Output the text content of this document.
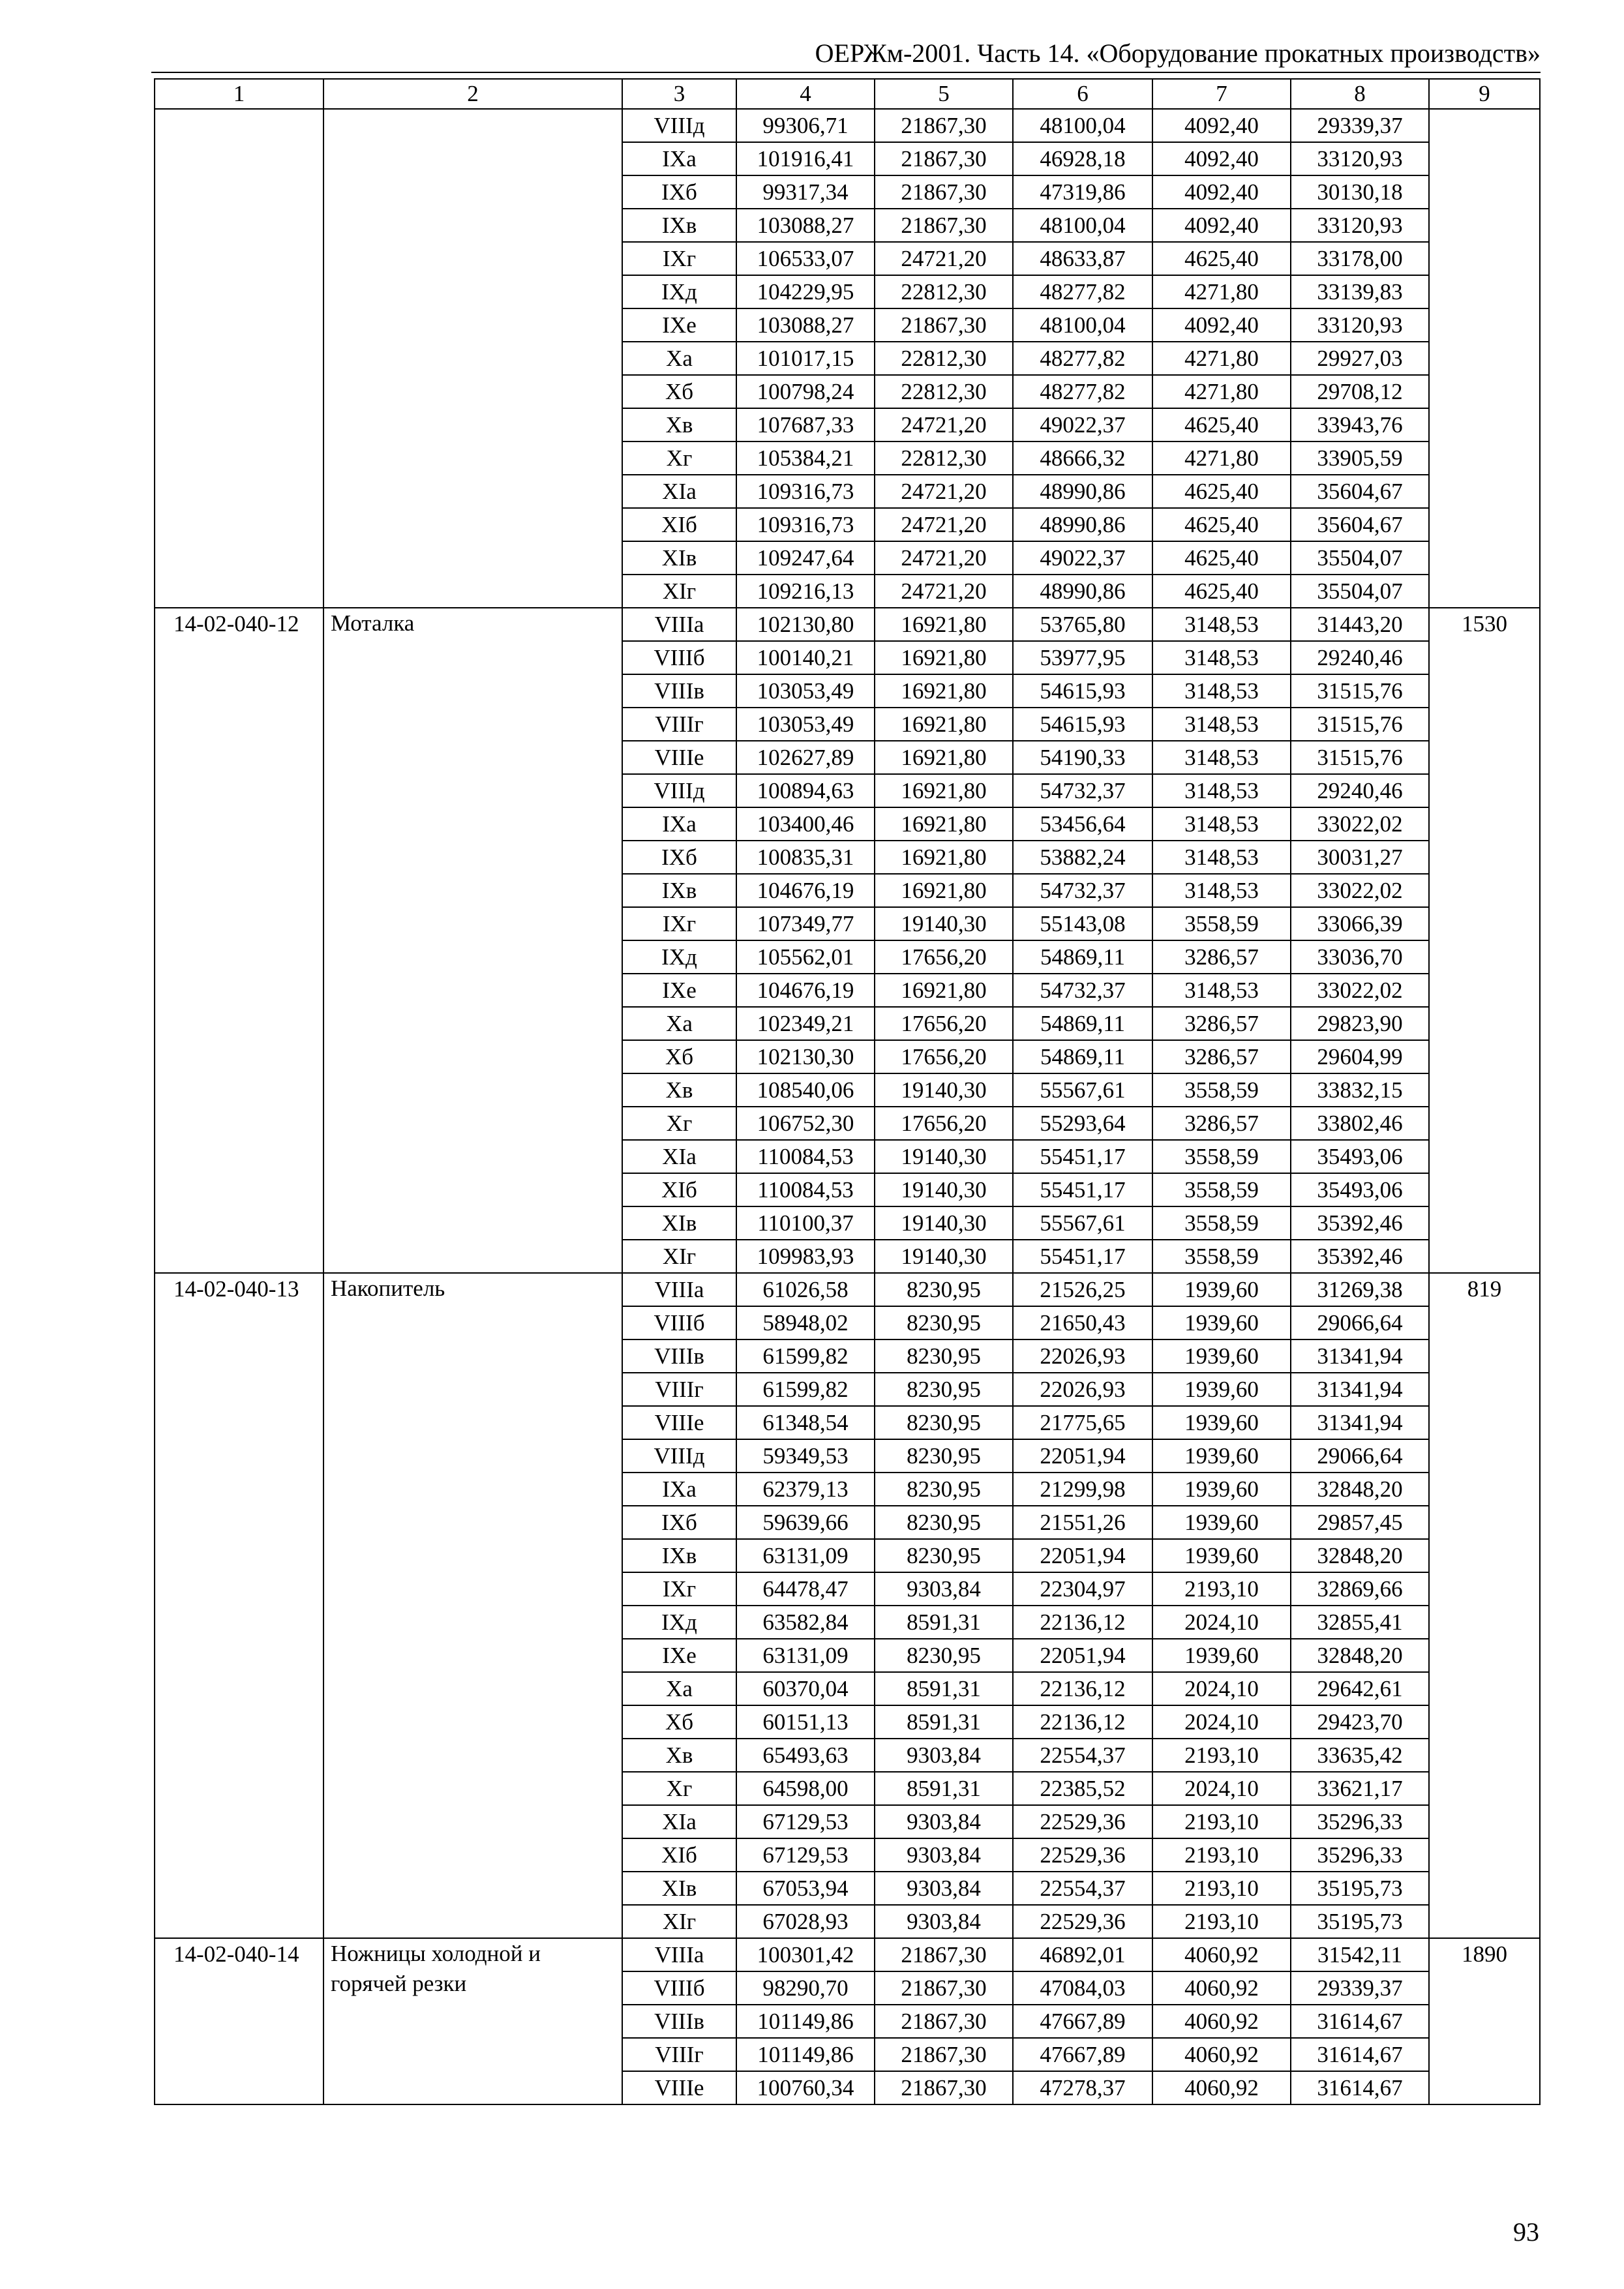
ОЕРЖм-2001. Часть 14. «Оборудование прокатных производств»
1	2	3	4	5	6	7	8	9
		VIIIд	99306,71	21867,30	48100,04	4092,40	29339,37	
		IXа	101916,41	21867,30	46928,18	4092,40	33120,93	
		IXб	99317,34	21867,30	47319,86	4092,40	30130,18	
		IXв	103088,27	21867,30	48100,04	4092,40	33120,93	
		IXг	106533,07	24721,20	48633,87	4625,40	33178,00	
		IXд	104229,95	22812,30	48277,82	4271,80	33139,83	
		IXе	103088,27	21867,30	48100,04	4092,40	33120,93	
		Xа	101017,15	22812,30	48277,82	4271,80	29927,03	
		Xб	100798,24	22812,30	48277,82	4271,80	29708,12	
		Xв	107687,33	24721,20	49022,37	4625,40	33943,76	
		Xг	105384,21	22812,30	48666,32	4271,80	33905,59	
		XIа	109316,73	24721,20	48990,86	4625,40	35604,67	
		XIб	109316,73	24721,20	48990,86	4625,40	35604,67	
		XIв	109247,64	24721,20	49022,37	4625,40	35504,07	
		XIг	109216,13	24721,20	48990,86	4625,40	35504,07	
14-02-040-12	Моталка	VIIIа	102130,80	16921,80	53765,80	3148,53	31443,20	1530
		VIIIб	100140,21	16921,80	53977,95	3148,53	29240,46	
		VIIIв	103053,49	16921,80	54615,93	3148,53	31515,76	
		VIIIг	103053,49	16921,80	54615,93	3148,53	31515,76	
		VIIIе	102627,89	16921,80	54190,33	3148,53	31515,76	
		VIIIд	100894,63	16921,80	54732,37	3148,53	29240,46	
		IXа	103400,46	16921,80	53456,64	3148,53	33022,02	
		IXб	100835,31	16921,80	53882,24	3148,53	30031,27	
		IXв	104676,19	16921,80	54732,37	3148,53	33022,02	
		IXг	107349,77	19140,30	55143,08	3558,59	33066,39	
		IXд	105562,01	17656,20	54869,11	3286,57	33036,70	
		IXе	104676,19	16921,80	54732,37	3148,53	33022,02	
		Xа	102349,21	17656,20	54869,11	3286,57	29823,90	
		Xб	102130,30	17656,20	54869,11	3286,57	29604,99	
		Xв	108540,06	19140,30	55567,61	3558,59	33832,15	
		Xг	106752,30	17656,20	55293,64	3286,57	33802,46	
		XIа	110084,53	19140,30	55451,17	3558,59	35493,06	
		XIб	110084,53	19140,30	55451,17	3558,59	35493,06	
		XIв	110100,37	19140,30	55567,61	3558,59	35392,46	
		XIг	109983,93	19140,30	55451,17	3558,59	35392,46	
14-02-040-13	Накопитель	VIIIа	61026,58	8230,95	21526,25	1939,60	31269,38	819
		VIIIб	58948,02	8230,95	21650,43	1939,60	29066,64	
		VIIIв	61599,82	8230,95	22026,93	1939,60	31341,94	
		VIIIг	61599,82	8230,95	22026,93	1939,60	31341,94	
		VIIIе	61348,54	8230,95	21775,65	1939,60	31341,94	
		VIIIд	59349,53	8230,95	22051,94	1939,60	29066,64	
		IXа	62379,13	8230,95	21299,98	1939,60	32848,20	
		IXб	59639,66	8230,95	21551,26	1939,60	29857,45	
		IXв	63131,09	8230,95	22051,94	1939,60	32848,20	
		IXг	64478,47	9303,84	22304,97	2193,10	32869,66	
		IXд	63582,84	8591,31	22136,12	2024,10	32855,41	
		IXе	63131,09	8230,95	22051,94	1939,60	32848,20	
		Xа	60370,04	8591,31	22136,12	2024,10	29642,61	
		Xб	60151,13	8591,31	22136,12	2024,10	29423,70	
		Xв	65493,63	9303,84	22554,37	2193,10	33635,42	
		Xг	64598,00	8591,31	22385,52	2024,10	33621,17	
		XIа	67129,53	9303,84	22529,36	2193,10	35296,33	
		XIб	67129,53	9303,84	22529,36	2193,10	35296,33	
		XIв	67053,94	9303,84	22554,37	2193,10	35195,73	
		XIг	67028,93	9303,84	22529,36	2193,10	35195,73	
14-02-040-14	Ножницы холодной и горячей резки	VIIIа	100301,42	21867,30	46892,01	4060,92	31542,11	1890
		VIIIб	98290,70	21867,30	47084,03	4060,92	29339,37	
		VIIIв	101149,86	21867,30	47667,89	4060,92	31614,67	
		VIIIг	101149,86	21867,30	47667,89	4060,92	31614,67	
		VIIIе	100760,34	21867,30	47278,37	4060,92	31614,67	
93
